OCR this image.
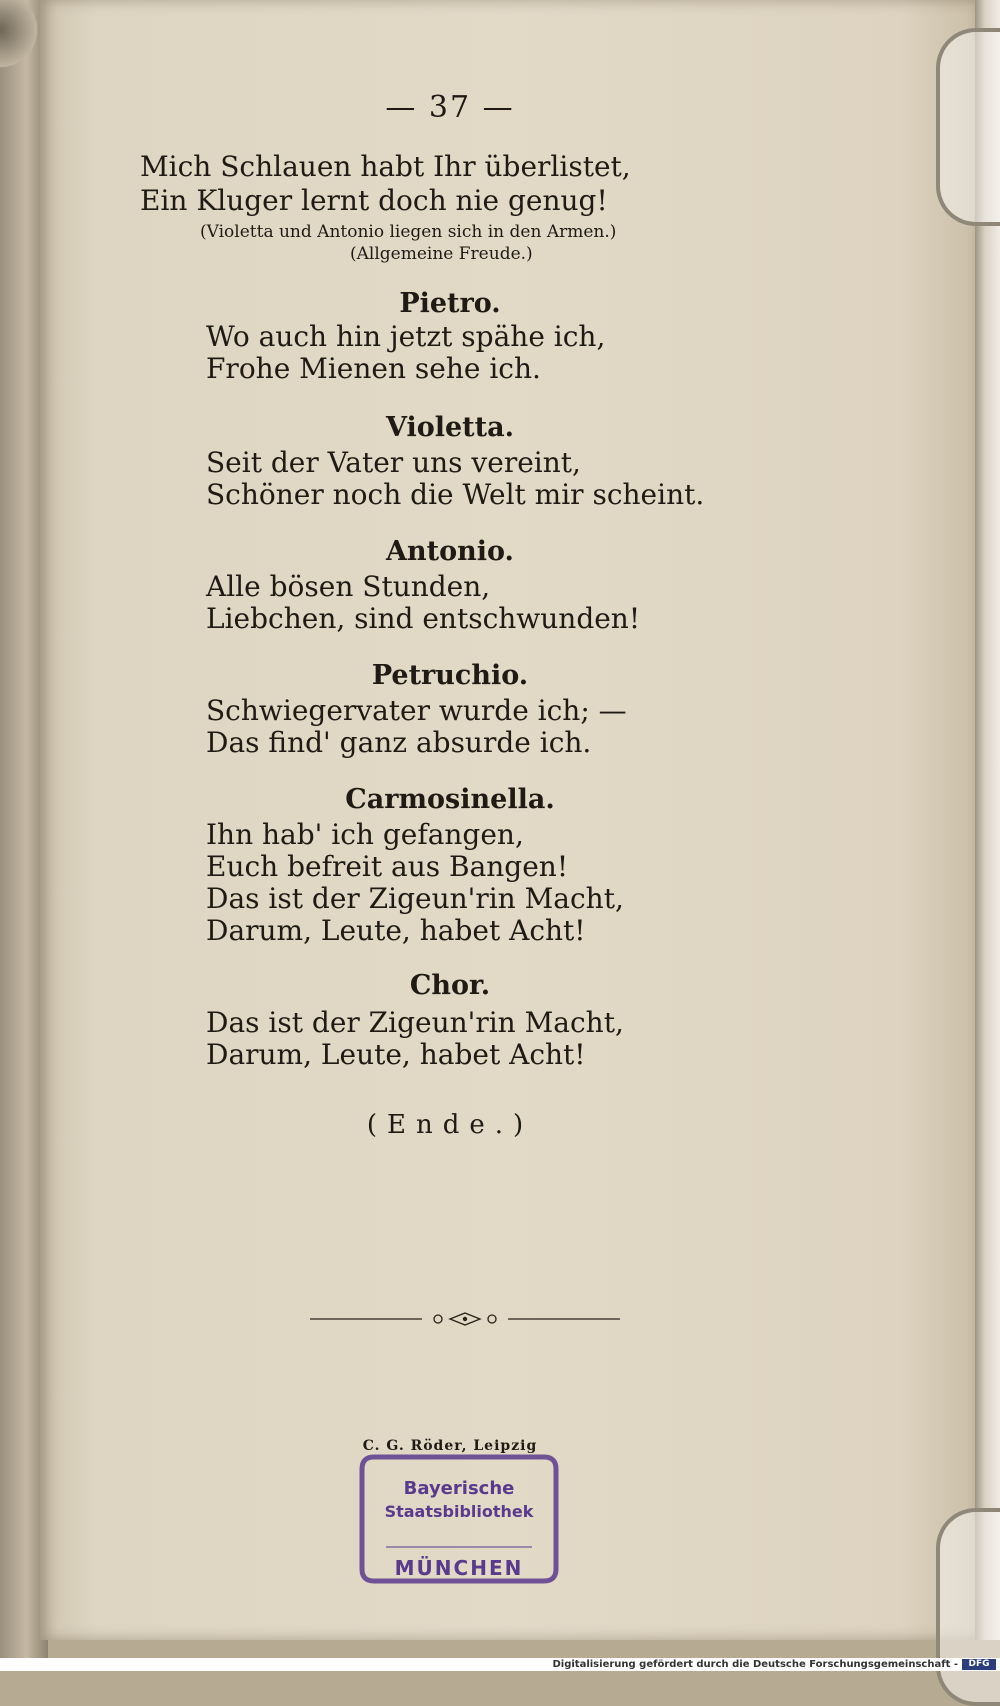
— 37 —
Mich Schlauen habt Ihr überlistet,
Ein Kluger lernt doch nie genug!
(Violetta und Antonio liegen sich in den Armen.)
(Allgemeine Freude.)
Pietro.
Wo auch hin jetzt spähe ich,
Frohe Mienen sehe ich.
Violetta.
Seit der Vater uns vereint,
Schöner noch die Welt mir scheint.
Antonio.
Alle bösen Stunden,
Liebchen, sind entschwunden!
Petruchio.
Schwiegervater wurde ich; —
Das find' ganz absurde ich.
Carmosinella.
Ihn hab' ich gefangen,
Euch befreit aus Bangen!
Das ist der Zigeun'rin Macht,
Darum, Leute, habet Acht!
Chor.
Das ist der Zigeun'rin Macht,
Darum, Leute, habet Acht!
(Ende.)
C. G. Röder, Leipzig
Bayerische
Staatsbibliothek
MÜNCHEN
Digitalisierung gefördert durch die Deutsche Forschungsgemeinschaft -	DFG
